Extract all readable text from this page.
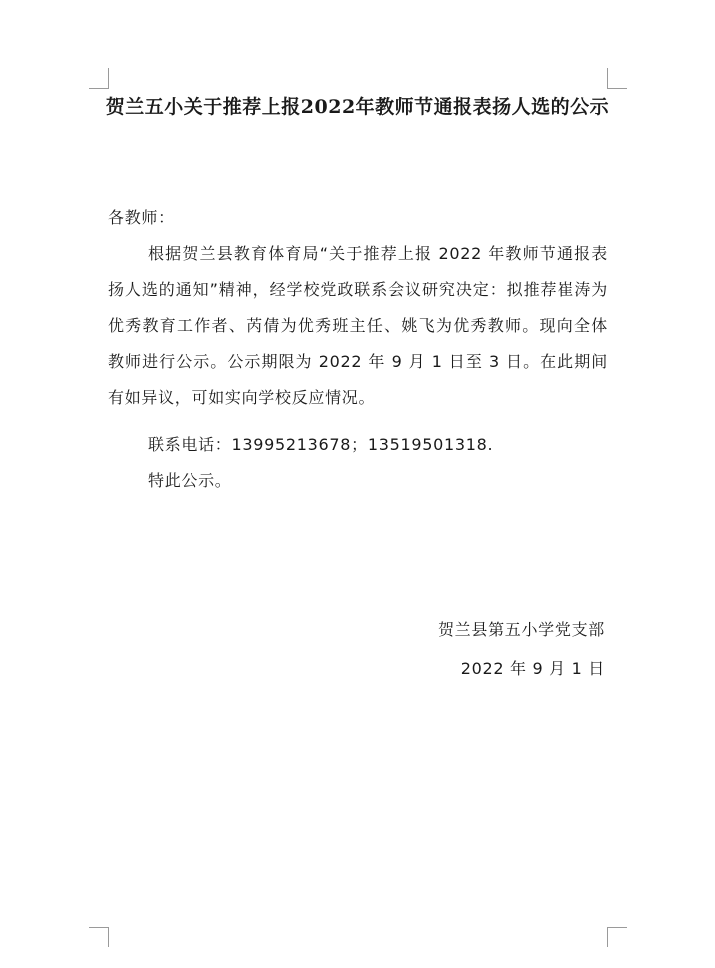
贺兰五小关于推荐上报2022年教师节通报表扬人选的公示
各教师：
根据贺兰县教育体育局“关于推荐上报 2022 年教师节通报表扬人选的通知”精神，经学校党政联系会议研究决定：拟推荐崔涛为优秀教育工作者、芮倩为优秀班主任、姚飞为优秀教师。现向全体教师进行公示。公示期限为 2022 年 9 月 1 日至 3 日。在此期间有如异议，可如实向学校反应情况。
联系电话：13995213678；13519501318.
特此公示。
贺兰县第五小学党支部
2022 年 9 月 1 日
